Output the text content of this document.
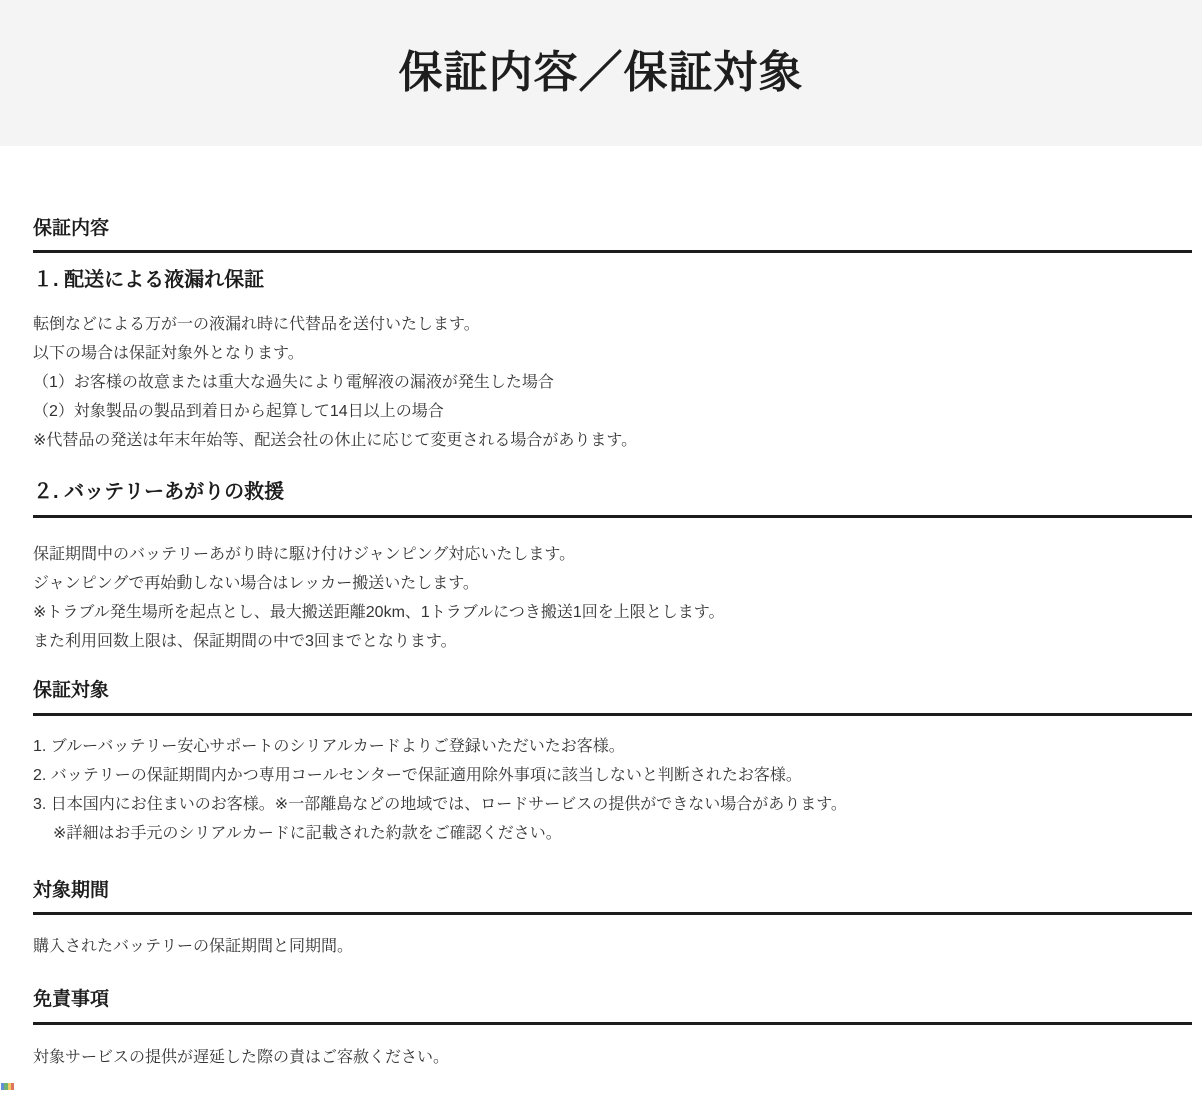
保証内容／保証対象
保証内容
１. 配送による液漏れ保証

転倒などによる万が一の液漏れ時に代替品を送付いたします。

以下の場合は保証対象外となります。

（1）お客様の故意または重大な過失により電解液の漏液が発生した場合

（2）対象製品の製品到着日から起算して14日以上の場合

※代替品の発送は年末年始等、配送会社の休止に応じて変更される場合があります。

２. バッテリーあがりの救援

保証期間中のバッテリーあがり時に駆け付けジャンピング対応いたします。

ジャンピングで再始動しない場合はレッカー搬送いたします。

※トラブル発生場所を起点とし、最大搬送距離20km、1トラブルにつき搬送1回を上限とします。

また利用回数上限は、保証期間の中で3回までとなります。

保証対象

1. ブルーバッテリー安心サポートのシリアルカードよりご登録いただいたお客様。

2. バッテリーの保証期間内かつ専用コールセンターで保証適用除外事項に該当しないと判断されたお客様。

3. 日本国内にお住まいのお客様。※一部離島などの地域では、ロードサービスの提供ができない場合があります。

※詳細はお手元のシリアルカードに記載された約款をご確認ください。

対象期間

購入されたバッテリーの保証期間と同期間。

免責事項

対象サービスの提供が遅延した際の責はご容赦ください。
